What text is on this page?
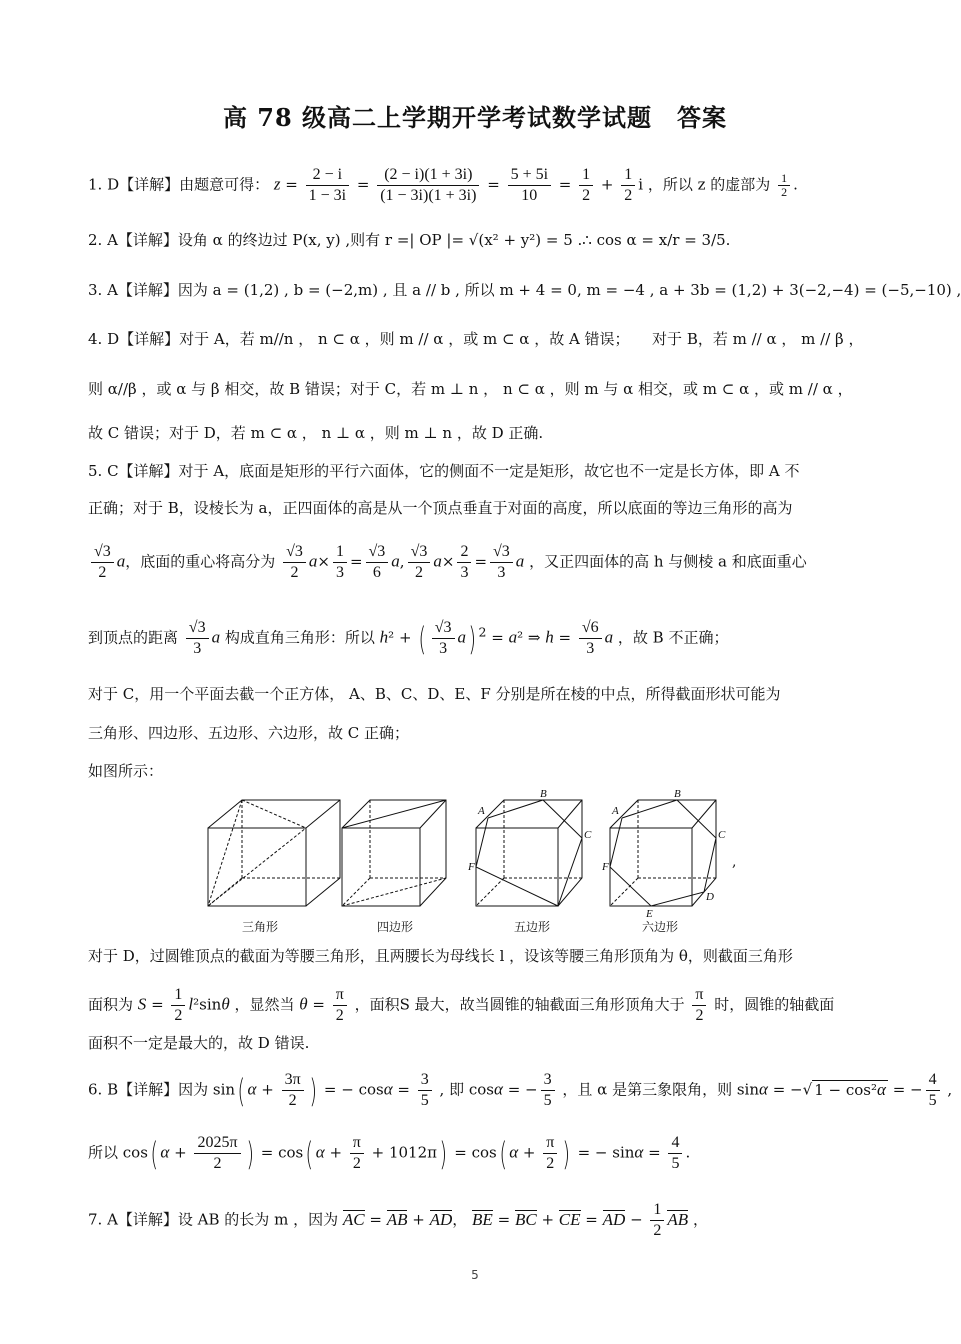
高 78 级高二上学期开学考试数学试题　答案
1. D【详解】由题意可得： $z = \frac{2 - i}{1 - 3i} = \frac{(2 - i)(1 + 3i)}{(1 - 3i)(1 + 3i)} = \frac{5 + 5i}{10} = \frac{1}{2} + \frac{1}{2}$ i ，所以 z 的虚部为 $\frac{1}{2}$ .
2. A【详解】设角 α 的终边过 P(x, y) ,则有 r =| OP |= √(x² + y²) = 5 .∴ cos α = x/r = 3/5.
3. A【详解】因为 a = (1,2) , b = (−2,m) , 且 a // b , 所以 m + 4 = 0, m = −4 , a + 3b = (1,2) + 3(−2,−4) = (−5,−10) ,
4. D【详解】对于 A，若 m//n ， n ⊂ α ，则 m // α ，或 m ⊂ α ，故 A 错误；　　对于 B，若 m // α ， m // β ，
则 α//β ，或 α 与 β 相交，故 B 错误；对于 C，若 m ⊥ n ， n ⊂ α ，则 m 与 α 相交，或 m ⊂ α ，或 m // α ，
故 C 错误；对于 D，若 m ⊂ α ， n ⊥ α ，则 m ⊥ n ，故 D 正确.
5. C【详解】对于 A，底面是矩形的平行六面体，它的侧面不一定是矩形，故它也不一定是长方体，即 A 不
正确；对于 B，设棱长为 a，正四面体的高是从一个顶点垂直于对面的高度，所以底面的等边三角形的高为
$\frac{√3}{2}$ a，底面的重心将高分为 $\frac{√3}{2} a\times \frac{1}{3} = \frac{√3}{6} a$, $\frac{√3}{2} a\times \frac{2}{3} = \frac{√3}{3}$ a ，又正四面体的高 h 与侧棱 a 和底面重心
到顶点的距离 $\frac{√3}{3}$ a 构成直角三角形：所以 h² + ( $\frac{√3}{3} a$) $^2$ = a² ⇒ $h = \frac{√6}{3}$ a ，故 B 不正确；
对于 C，用一个平面去截一个正方体， A、B、C、D、E、F 分别是所在棱的中点，所得截面形状可能为
三角形、四边形、五边形、六边形，故 C 正确；
如图所示：
三角形	四边形
A
B
C
F
五边形
A
B
C
F
D
E
,
六边形
对于 D，过圆锥顶点的截面为等腰三角形，且两腰长为母线长 l ，设该等腰三角形顶角为 θ，则截面三角形
面积为 $S = \frac{1}{2} l^2\sin\theta$ ，显然当 $\theta = \frac{\pi}{2}$ ，面积S 最大，故当圆锥的轴截面三角形顶角大于 $\frac{\pi}{2}$ 时，圆锥的轴截面
面积不一定是最大的，故 D 错误.
6. B【详解】因为 sin( $\alpha + \frac{3\pi}{2}$ ) = − $\cos\alpha = \frac{3}{5}$ , 即 cosα = − $\frac{3}{5}$ ，且 α 是第三象限角，则 sinα = −√ 1 − cos²α = − $\frac{4}{5}$ ,
所以 cos( $\alpha + \frac{2025\pi}{2}$ ) = cos( $\alpha + \frac{\pi}{2} + 1012\pi) = \cos$( $\alpha + \frac{\pi}{2}$ ) = − $\sin\alpha = \frac{4}{5}$ .
7. A【详解】设 AB 的长为 m ，因为 AC = AB + AD， BE = BC + CE = AD − $\frac{1}{2}$ AB ，
5
